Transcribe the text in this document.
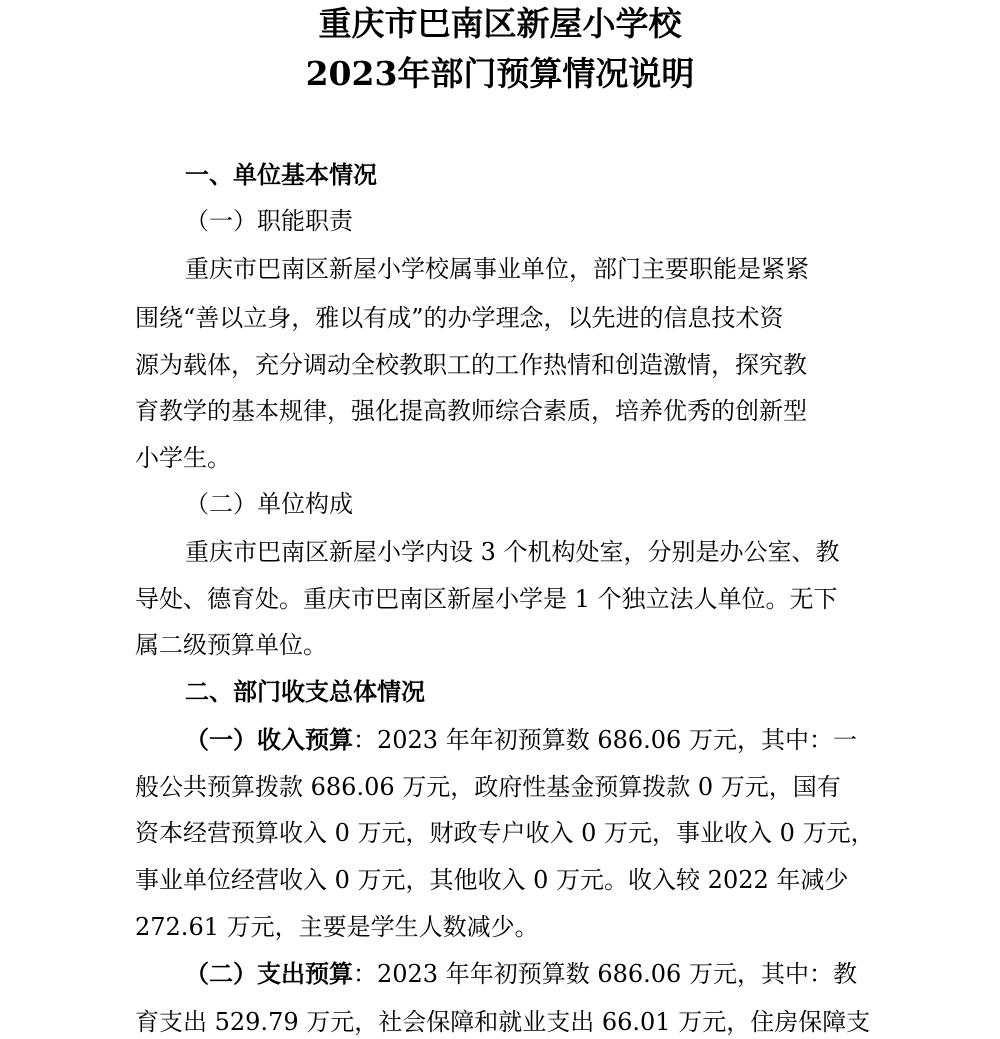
重庆市巴南区新屋小学校
2023年部门预算情况说明

一、单位基本情况

（一）职能职责

重庆市巴南区新屋小学校属事业单位，部门主要职能是紧紧

围绕“善以立身，雅以有成”的办学理念，以先进的信息技术资

源为载体，充分调动全校教职工的工作热情和创造激情，探究教

育教学的基本规律，强化提高教师综合素质，培养优秀的创新型

小学生。

（二）单位构成

重庆市巴南区新屋小学内设 3 个机构处室，分别是办公室、教

导处、德育处。重庆市巴南区新屋小学是 1 个独立法人单位。无下

属二级预算单位。

二、部门收支总体情况

（一）收入预算：2023 年年初预算数 686.06 万元，其中：一

般公共预算拨款 686.06 万元，政府性基金预算拨款 0 万元，国有

资本经营预算收入 0 万元，财政专户收入 0 万元，事业收入 0 万元，

事业单位经营收入 0 万元，其他收入 0 万元。收入较 2022 年减少

272.61 万元，主要是学生人数减少。

（二）支出预算：2023 年年初预算数 686.06 万元，其中：教

育支出 529.79 万元，社会保障和就业支出 66.01 万元，住房保障支
